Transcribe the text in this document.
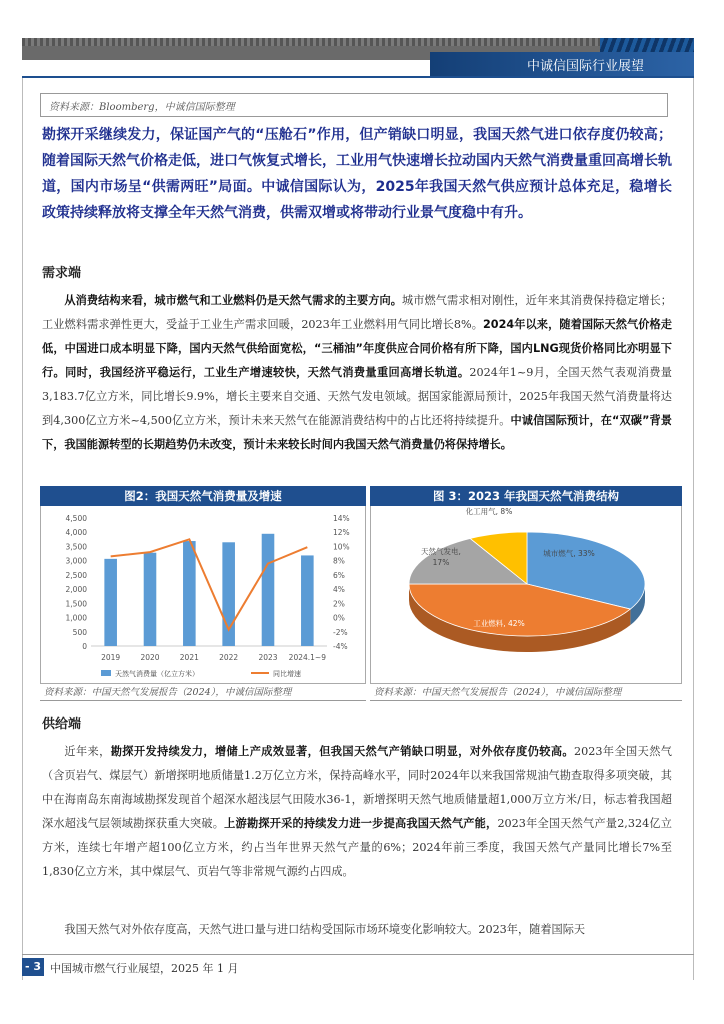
中诚信国际行业展望
资料来源：Bloomberg，中诚信国际整理
勘探开采继续发力，保证国产气的“压舱石”作用，但产销缺口明显，我国天然气进口依存度仍较高；随着国际天然气价格走低，进口气恢复式增长，工业用气快速增长拉动国内天然气消费量重回高增长轨道，国内市场呈“供需两旺”局面。中诚信国际认为，2025年我国天然气供应预计总体充足，稳增长政策持续释放将支撑全年天然气消费，供需双增或将带动行业景气度稳中有升。
需求端
从消费结构来看，城市燃气和工业燃料仍是天然气需求的主要方向。城市燃气需求相对刚性，近年来其消费保持稳定增长；工业燃料需求弹性更大，受益于工业生产需求回暖，2023年工业燃料用气同比增长8%。2024年以来，随着国际天然气价格走低，中国进口成本明显下降，国内天然气供给面宽松，“三桶油”年度供应合同价格有所下降，国内LNG现货价格同比亦明显下行。同时，我国经济平稳运行，工业生产增速较快，天然气消费量重回高增长轨道。2024年1~9月，全国天然气表观消费量3,183.7亿立方米，同比增长9.9%，增长主要来自交通、天然气发电领域。据国家能源局预计，2025年我国天然气消费量将达到4,300亿立方米~4,500亿立方米，预计未来天然气在能源消费结构中的占比还将持续提升。中诚信国际预计，在“双碳”背景下，我国能源转型的长期趋势仍未改变，预计未来较长时间内我国天然气消费量仍将保持增长。
图2：我国天然气消费量及增速
0
500
1,000
1,500
2,000
2,500
3,000
3,500
4,000
4,500
-4%
-2%
0%
2%
4%
6%
8%
10%
12%
14%
2019	2020	2021	2022	2023 2024.1~9
天然气消费量（亿立方米）	同比增速
资料来源：中国天然气发展报告（2024），中诚信国际整理
图 3：2023 年我国天然气消费结构
城市燃气, 33%
工业燃料, 42%
天然气发电,
17%
化工用气, 8%
资料来源：中国天然气发展报告（2024），中诚信国际整理
供给端
近年来，勘探开发持续发力，增储上产成效显著，但我国天然气产销缺口明显，对外依存度仍较高。2023年全国天然气（含页岩气、煤层气）新增探明地质储量1.2万亿立方米，保持高峰水平，同时2024年以来我国常规油气勘查取得多项突破，其中在海南岛东南海域勘探发现首个超深水超浅层气田陵水36-1，新增探明天然气地质储量超1,000万立方米/日，标志着我国超深水超浅气层领域勘探获重大突破。上游勘探开采的持续发力进一步提高我国天然气产能，2023年全国天然气产量2,324亿立方米，连续七年增产超100亿立方米，约占当年世界天然气产量的6%；2024年前三季度，我国天然气产量同比增长7%至1,830亿立方米，其中煤层气、页岩气等非常规气源约占四成。
我国天然气对外依存度高，天然气进口量与进口结构受国际市场环境变化影响较大。2023年，随着国际天
- 3 -
中国城市燃气行业展望，2025 年 1 月
